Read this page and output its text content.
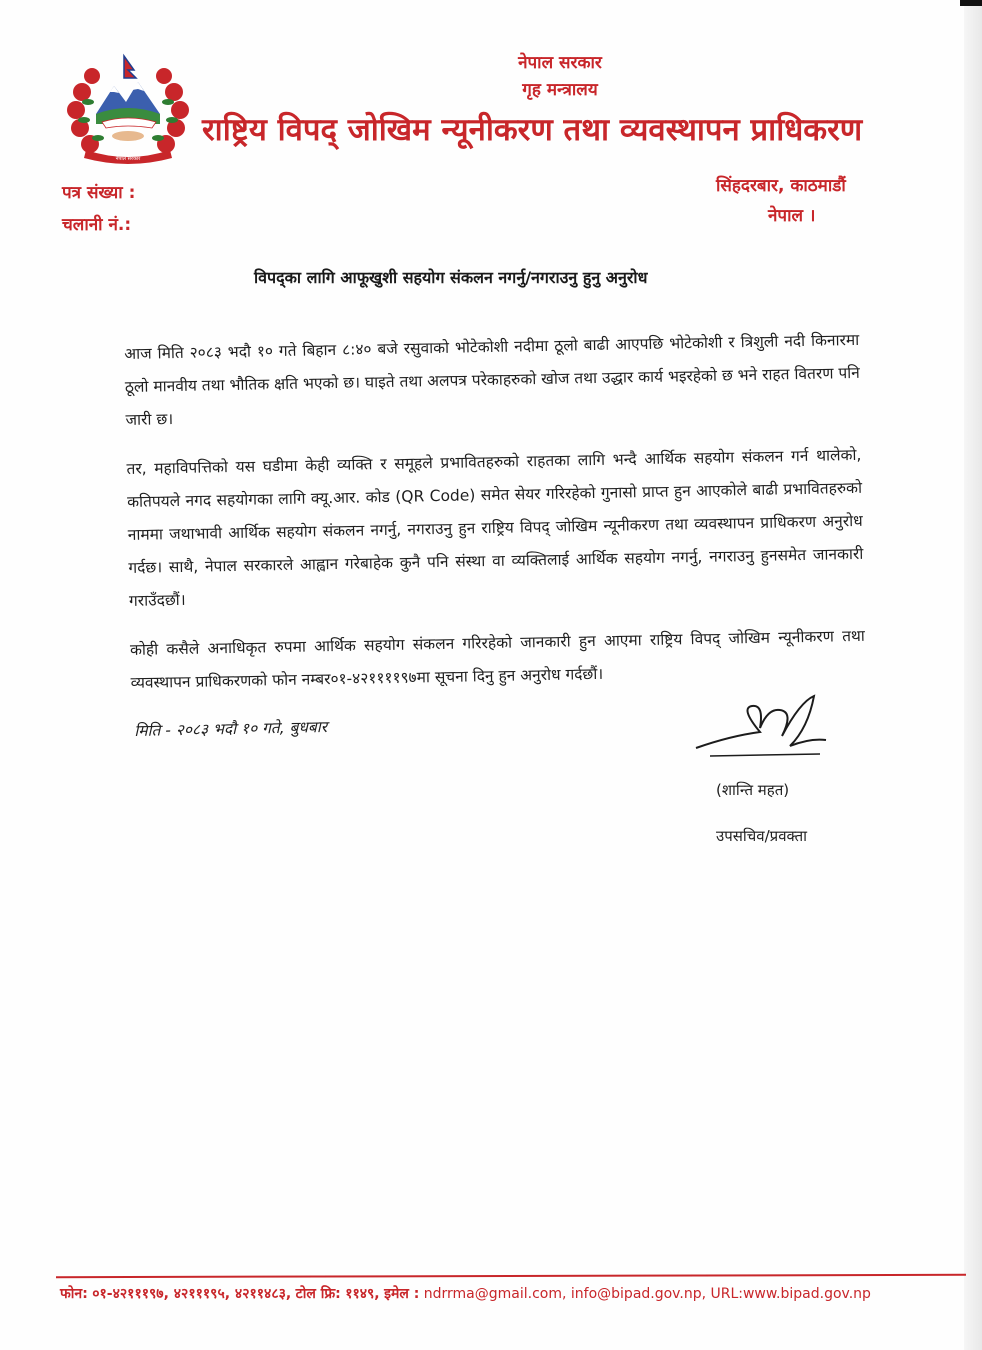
नेपाल सरकार
नेपाल सरकार
गृह मन्त्रालय
राष्ट्रिय विपद् जोखिम न्यूनीकरण तथा व्यवस्थापन प्राधिकरण
पत्र संख्या :
चलानी नं.:
सिंहदरबार, काठमाडौं
नेपाल ।
विपद्का लागि आफूखुशी सहयोग संकलन नगर्नु/नगराउनु हुनु अनुरोध

आज मिति २०८३ भदौ १० गते बिहान ८:४० बजे रसुवाको भोटेकोशी नदीमा ठूलो बाढी आएपछि भोटेकोशी र त्रिशुली नदी किनारमा ठूलो मानवीय तथा भौतिक क्षति भएको छ। घाइते तथा अलपत्र परेकाहरुको खोज तथा उद्धार कार्य भइरहेको छ भने राहत वितरण पनि जारी छ।

तर, महाविपत्तिको यस घडीमा केही व्यक्ति र समूहले प्रभावितहरुको राहतका लागि भन्दै आर्थिक सहयोग संकलन गर्न थालेको, कतिपयले नगद सहयोगका लागि क्यू.आर. कोड (QR Code) समेत सेयर गरिरहेको गुनासो प्राप्त हुन आएकोले बाढी प्रभावितहरुको नाममा जथाभावी आर्थिक सहयोग संकलन नगर्नु, नगराउनु हुन राष्ट्रिय विपद् जोखिम न्यूनीकरण तथा व्यवस्थापन प्राधिकरण अनुरोध गर्दछ। साथै, नेपाल सरकारले आह्वान गरेबाहेक कुनै पनि संस्था वा व्यक्तिलाई आर्थिक सहयोग नगर्नु, नगराउनु हुनसमेत जानकारी गराउँदछौं।

कोही कसैले अनाधिकृत रुपमा आर्थिक सहयोग संकलन गरिरहेको जानकारी हुन आएमा राष्ट्रिय विपद् जोखिम न्यूनीकरण तथा व्यवस्थापन प्राधिकरणको फोन नम्बर०१-४२११११९७मा सूचना दिनु हुन अनुरोध गर्दछौं।

मिति - २०८३ भदौ १० गते, बुधबार
(शान्ति महत)
उपसचिव/प्रवक्ता
फोन: ०१-४२१११९७, ४२१११९५, ४२११४८३, टोल फ्रि: ११४९, इमेल : ndrrma@gmail.com, info@bipad.gov.np, URL:www.bipad.gov.np
